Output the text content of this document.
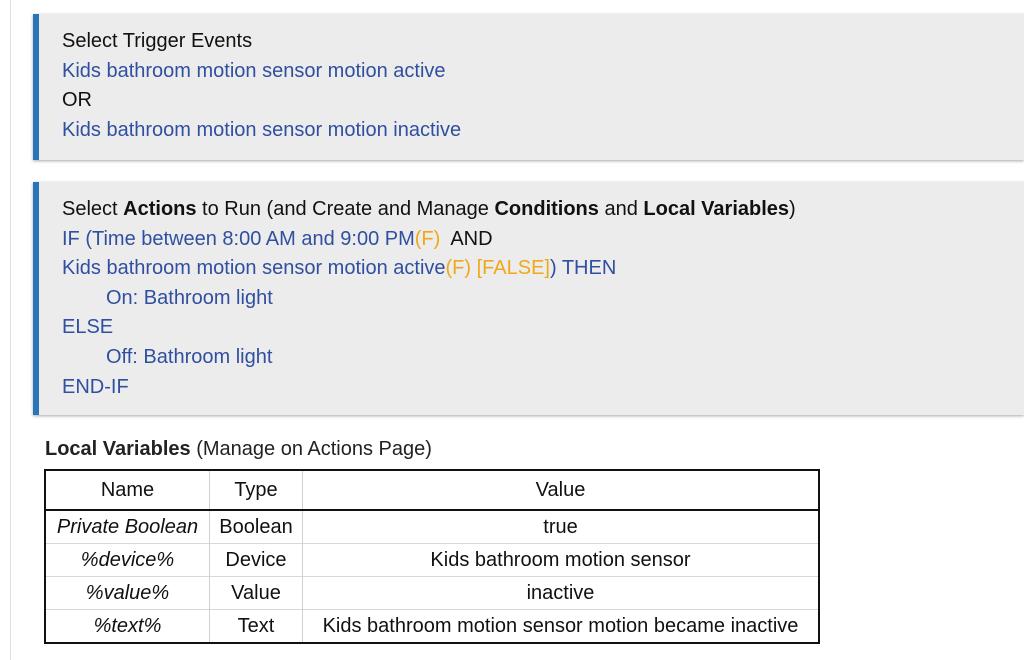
Select Trigger Events
Kids bathroom motion sensor motion active
OR
Kids bathroom motion sensor motion inactive
Select Actions to Run (and Create and Manage Conditions and Local Variables)
IF (Time between 8:00 AM and 9:00 PM(F)  AND
Kids bathroom motion sensor motion active(F) [FALSE]) THEN
On: Bathroom light
ELSE
Off: Bathroom light
END-IF
Local Variables (Manage on Actions Page)
Name	Type	Value
Private Boolean	Boolean	true
%device%	Device	Kids bathroom motion sensor
%value%	Value	inactive
%text%	Text	Kids bathroom motion sensor motion became inactive
